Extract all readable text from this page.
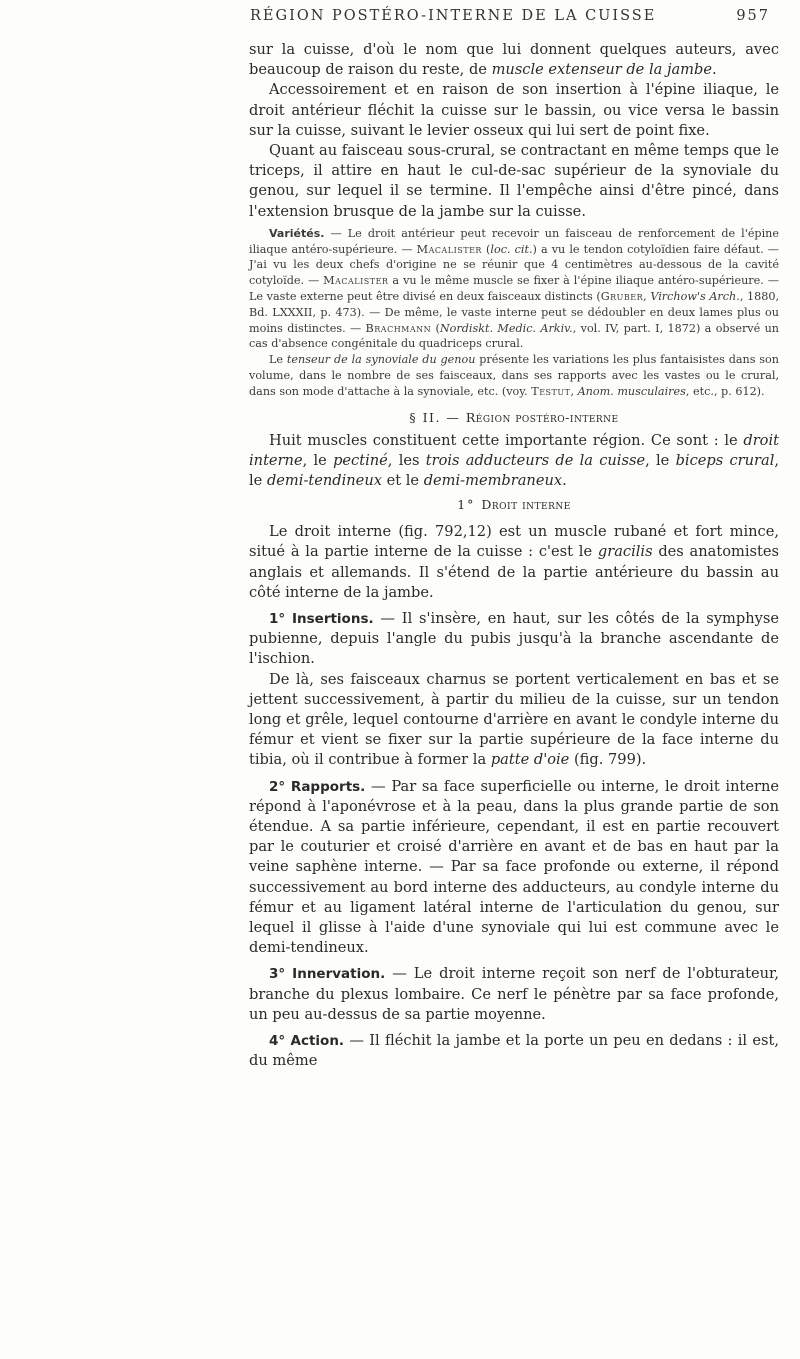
RÉGION POSTÉRO-INTERNE DE LA CUISSE	957

sur la cuisse, d'où le nom que lui donnent quelques auteurs, avec beaucoup de raison du reste, de muscle extenseur de la jambe.

Accessoirement et en raison de son insertion à l'épine iliaque, le droit antérieur fléchit la cuisse sur le bassin, ou vice versa le bassin sur la cuisse, suivant le levier osseux qui lui sert de point fixe.

Quant au faisceau sous-crural, se contractant en même temps que le triceps, il attire en haut le cul-de-sac supérieur de la synoviale du genou, sur lequel il se termine. Il l'empêche ainsi d'être pincé, dans l'extension brusque de la jambe sur la cuisse.

Variétés. — Le droit antérieur peut recevoir un faisceau de renforcement de l'épine iliaque antéro-supérieure. — Macalister (loc. cit.) a vu le tendon cotyloïdien faire défaut. — J'ai vu les deux chefs d'origine ne se réunir que 4 centimètres au-dessous de la cavité cotyloïde. — Macalister a vu le même muscle se fixer à l'épine iliaque antéro-supérieure. — Le vaste externe peut être divisé en deux faisceaux distincts (Gruber, Virchow's Arch., 1880, Bd. LXXXII, p. 473). — De même, le vaste interne peut se dédoubler en deux lames plus ou moins distinctes. — Brachmann (Nordiskt. Medic. Arkiv., vol. IV, part. I, 1872) a observé un cas d'absence congénitale du quadriceps crural.

Le tenseur de la synoviale du genou présente les variations les plus fantaisistes dans son volume, dans le nombre de ses faisceaux, dans ses rapports avec les vastes ou le crural, dans son mode d'attache à la synoviale, etc. (voy. Testut, Anom. musculaires, etc., p. 612).

§ II. — Région postéro-interne

Huit muscles constituent cette importante région. Ce sont : le droit interne, le pectiné, les trois adducteurs de la cuisse, le biceps crural, le demi-tendineux et le demi-membraneux.

1° Droit interne

Le droit interne (fig. 792,12) est un muscle rubané et fort mince, situé à la partie interne de la cuisse : c'est le gracilis des anatomistes anglais et allemands. Il s'étend de la partie antérieure du bassin au côté interne de la jambe.

1° Insertions. — Il s'insère, en haut, sur les côtés de la symphyse pubienne, depuis l'angle du pubis jusqu'à la branche ascendante de l'ischion.

De là, ses faisceaux charnus se portent verticalement en bas et se jettent successivement, à partir du milieu de la cuisse, sur un tendon long et grêle, lequel contourne d'arrière en avant le condyle interne du fémur et vient se fixer sur la partie supérieure de la face interne du tibia, où il contribue à former la patte d'oie (fig. 799).

2° Rapports. — Par sa face superficielle ou interne, le droit interne répond à l'aponévrose et à la peau, dans la plus grande partie de son étendue. A sa partie inférieure, cependant, il est en partie recouvert par le couturier et croisé d'arrière en avant et de bas en haut par la veine saphène interne. — Par sa face profonde ou externe, il répond successivement au bord interne des adducteurs, au condyle interne du fémur et au ligament latéral interne de l'articulation du genou, sur lequel il glisse à l'aide d'une synoviale qui lui est commune avec le demi-tendineux.

3° Innervation. — Le droit interne reçoit son nerf de l'obturateur, branche du plexus lombaire. Ce nerf le pénètre par sa face profonde, un peu au-dessus de sa partie moyenne.

4° Action. — Il fléchit la jambe et la porte un peu en dedans : il est, du même
